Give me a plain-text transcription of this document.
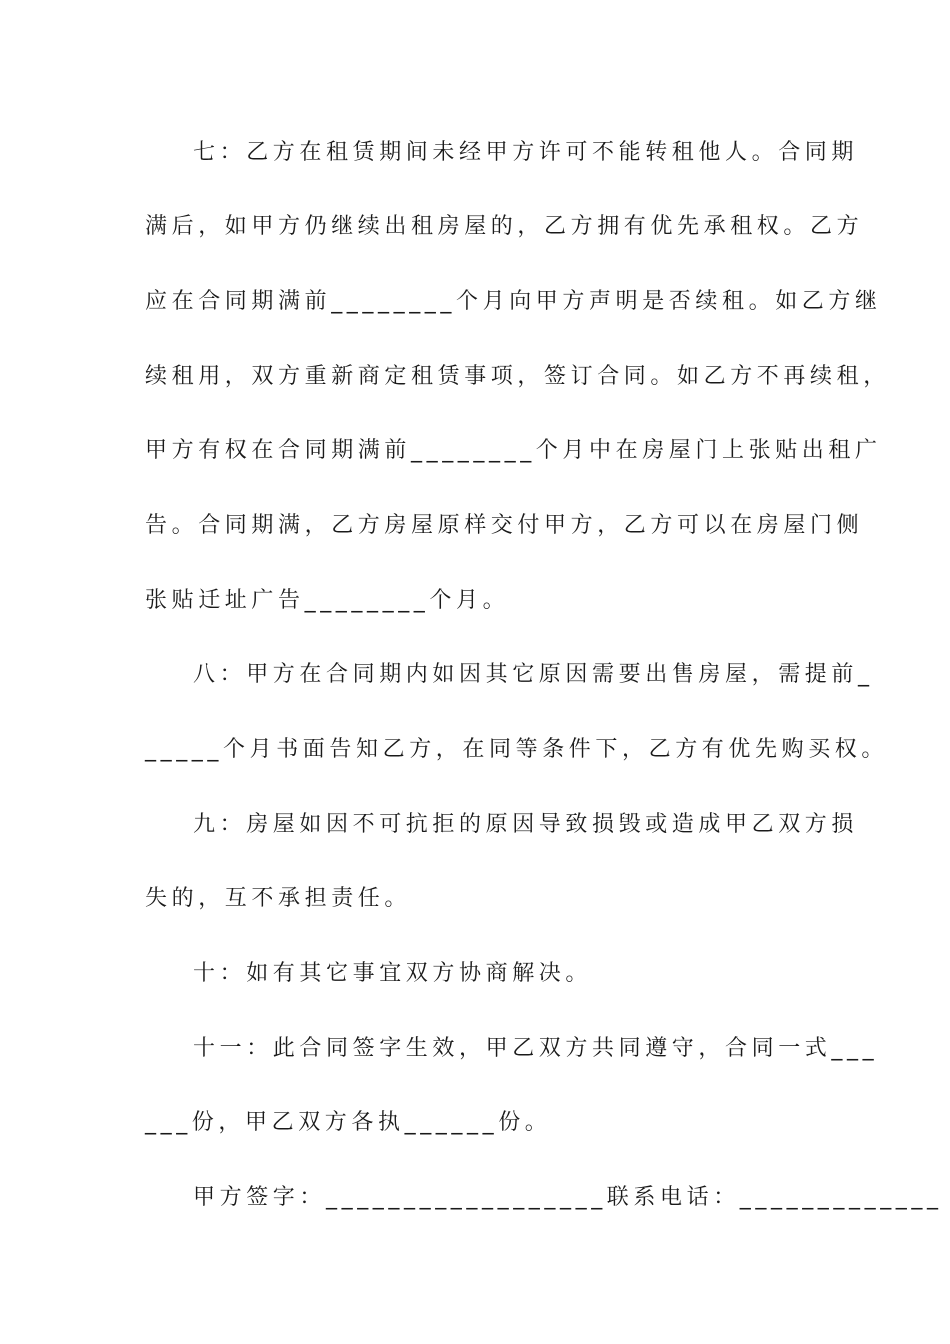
七：乙方在租赁期间未经甲方许可不能转租他人。合同期
满后，如甲方仍继续出租房屋的，乙方拥有优先承租权。乙方
应在合同期满前________个月向甲方声明是否续租。如乙方继
续租用，双方重新商定租赁事项，签订合同。如乙方不再续租，
甲方有权在合同期满前________个月中在房屋门上张贴出租广
告。合同期满，乙方房屋原样交付甲方，乙方可以在房屋门侧
张贴迁址广告________个月。
八：甲方在合同期内如因其它原因需要出售房屋，需提前_
_____个月书面告知乙方，在同等条件下，乙方有优先购买权。
九：房屋如因不可抗拒的原因导致损毁或造成甲乙双方损
失的，互不承担责任。
十：如有其它事宜双方协商解决。
十一：此合同签字生效，甲乙双方共同遵守，合同一式___
___份，甲乙双方各执______份。
甲方签字：__________________联系电话：_____________
